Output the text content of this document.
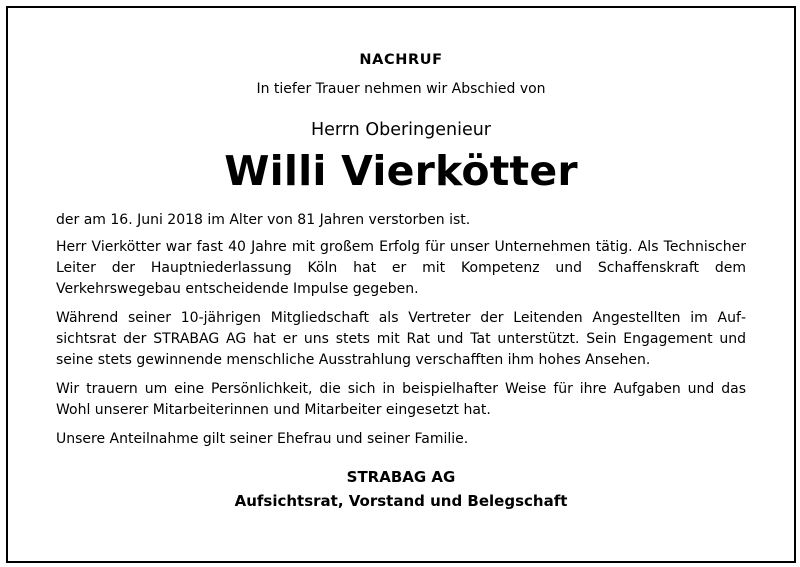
NACHRUF
In tiefer Trauer nehmen wir Abschied von
Herrn Oberingenieur
Willi Vierkötter

der am 16. Juni 2018 im Alter von 81 Jahren verstorben ist.

Herr Vierkötter war fast 40 Jahre mit großem Erfolg für unser Unternehmen tätig. Als Technischer Leiter der Hauptniederlassung Köln hat er mit Kompetenz und Schaffenskraft dem Verkehrswegebau entscheidende Impulse gegeben.

Während seiner 10-jährigen Mitgliedschaft als Vertreter der Leitenden Angestellten im Aufsichtsrat der STRABAG AG hat er uns stets mit Rat und Tat unterstützt. Sein Engagement und seine stets gewinnende menschliche Ausstrahlung verschafften ihm hohes Ansehen.

Wir trauern um eine Persönlichkeit, die sich in beispielhafter Weise für ihre Aufgaben und das Wohl unserer Mitarbeiterinnen und Mitarbeiter eingesetzt hat.

Unsere Anteilnahme gilt seiner Ehefrau und seiner Familie.

STRABAG AG
Aufsichtsrat, Vorstand und Belegschaft
